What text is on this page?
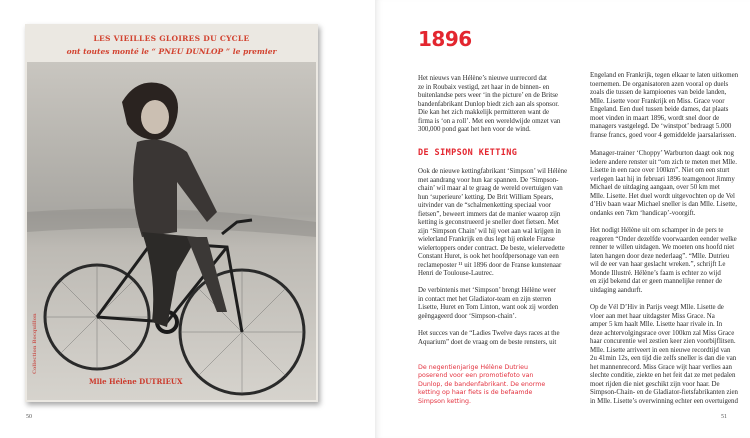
LES VIEILLES GLOIRES DU CYCLE
ont toutes monté le “ PNEU DUNLOP ” le premier
Mlle Hélène DUTRIEUX
Collection Bocquillon
50
1896

Het nieuws van Hélène’s nieuwe uurrecord dat
ze in Roubaix vestigd, zet haar in de binnen- en
buitenlandse pers weer ‘in the picture’ en de Britse
bandenfabrikant Dunlop biedt zich aan als sponsor.
Die kan het zich makkelijk permitteren want de
firma is ‘on a roll’. Met een wereldwijde omzet van
300,000 pond gaat het hen voor de wind.

DE SIMPSON KETTING

Ook de nieuwe kettingfabrikant ‘Simpson’ wil Hélène
met aandrang voor hun kar spannen. De ‘Simpson-
chain’ wil maar al te graag de wereld overtuigen van
hun ‘superieure’ ketting. De Brit William Spears,
uitvinder van de “schalmenketting speciaal voor
fietsen”, beweert immers dat de manier waarop zijn
ketting is geconstrueerd je sneller doet fietsen. Met
zijn ‘Simpson Chain’ wil hij voet aan wal krijgen in
wielerland Frankrijk en dus legt hij enkele Franse
wielertoppers onder contract. De beste, wielervedette
Constant Huret, is ook het hoofdpersonage van een
reclameposter ¹¹ uit 1896 door de Franse kunstenaar
Henri de Toulouse-Lautrec.

De verbintenis met ‘Simpson’ brengt Hélène weer
in contact met het Gladiator-team en zijn sterren
Lisette, Huret en Tom Linton, want ook zij worden
geëngageerd door ‘Simpson-chain’.

Het succes van de “Ladies Twelve days races at the
Aquarium” doet de vraag om de beste rensters, uit

De negentienjarige Hélène Dutrieu
poserend voor een promotiefoto van
Dunlop, de bandenfabrikant. De enorme
ketting op haar fiets is de befaamde
Simpson ketting.

Engeland en Frankrijk, tegen elkaar te laten uitkomen
toernemen. De organisatoren azen vooral op duels
zoals die tussen de kampioenes van beide landen,
Mlle. Lisette voor Frankrijk en Miss. Grace voor
Engeland. Een duel tussen beide dames, dat plaats
moet vinden in maart 1896, wordt snel door de
managers vastgelegd. De ‘winstpot’ bedraagt 5.000
franse francs, goed voor 4 gemiddelde jaarsalarissen.

Manager-trainer ‘Choppy’ Warburton daagt ook nog
iedere andere renster uit “om zich te meten met Mlle.
Lisette in een race over 100km”. Niet om een sturt
verlegen laat hij in februari 1896 teamgenoot Jimmy
Michael de uitdaging aangaan, over 50 km met
Mlle. Lisette. Het duel wordt uitgevochten op de Vel
d’Hiv baan waar Michael sneller is dan Mlle. Lisette,
ondanks een 7km ‘handicap’-voorgift.

Het nodigt Hélène uit om schamper in de pers te
reageren “Onder dezelfde voorwaarden eender welke
renner te willen uitdagen. We moeten ons hoofd niet
laten hangen door deze nederlaag”. “Mlle. Dutrieu
wil de eer van haar geslacht wreken.”, schrijft Le
Monde Illustré. Hélène’s faam is echter zo wijd
en zijd bekend dat er geen mannelijke renner de
uitdaging aandurft.

Op de Vél D’Hiv in Parijs veegt Mlle. Lisette de
vloer aan met haar uitdagster Miss Grace. Na
amper 5 km haalt Mlle. Lisette haar rivale in. In
deze achtervolgingsrace over 100km zal Miss Grace
haar concurentie wel zestien keer zien voorbijflitsen.
Mlle. Lisette arriveert in een nieuwe recordtijd van
2u 41min 12s, een tijd die zelfs sneller is dan die van
het mannenrecord. Miss Grace wijt haar verlies aan
slechte conditie, ziekte en het feit dat ze met pedalen
moet rijden die niet geschikt zijn voor haar. De
Simpson-Chain- en de Gladiator-fietsfabrikanten zien
in Mlle. Lisette’s overwinning echter een overtuigend

51
